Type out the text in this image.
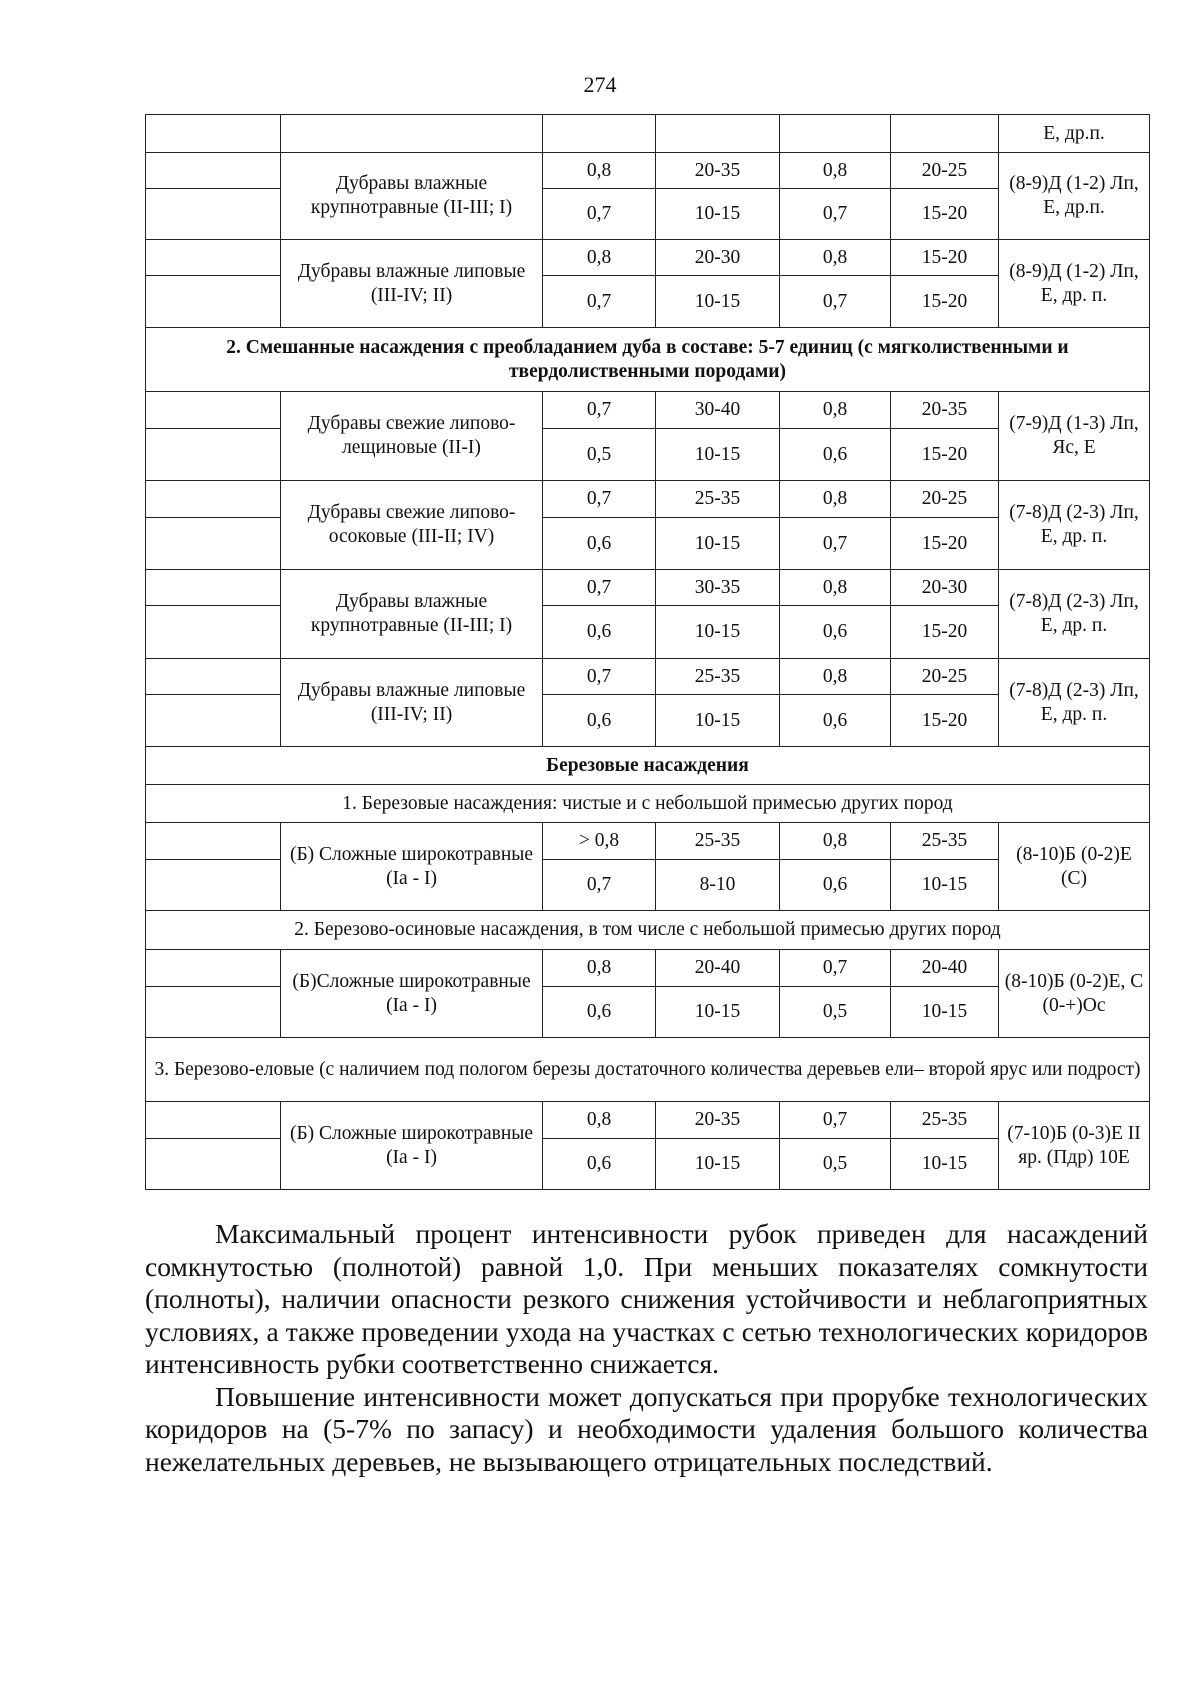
274
						Е, др.п.
	Дубравы влажные крупнотравные (II-III; I)	0,8	20-35	0,8	20-25	(8-9)Д (1-2) Лп, Е, др.п.
		0,7	10-15	0,7	15-20	
	Дубравы влажные липовые (III-IV; II)	0,8	20-30	0,8	15-20	(8-9)Д (1-2) Лп, Е, др. п.
		0,7	10-15	0,7	15-20	
2. Смешанные насаждения с преобладанием дуба в составе: 5-7 единиц (с мягколиственными и твердолиственными породами)						
	Дубравы свежие липово-лещиновые (II-I)	0,7	30-40	0,8	20-35	(7-9)Д (1-3) Лп, Яс, Е
		0,5	10-15	0,6	15-20	
	Дубравы свежие липово-осоковые (III-II; IV)	0,7	25-35	0,8	20-25	(7-8)Д (2-3) Лп, Е, др. п.
		0,6	10-15	0,7	15-20	
	Дубравы влажные крупнотравные (II-III; I)	0,7	30-35	0,8	20-30	(7-8)Д (2-3) Лп, Е, др. п.
		0,6	10-15	0,6	15-20	
	Дубравы влажные липовые (III-IV; II)	0,7	25-35	0,8	20-25	(7-8)Д (2-3) Лп, Е, др. п.
		0,6	10-15	0,6	15-20	
Березовые насаждения						
1. Березовые насаждения: чистые и с небольшой примесью других пород						
	(Б) Сложные широкотравные (Iа - I)	> 0,8	25-35	0,8	25-35	(8-10)Б (0-2)Е (С)
		0,7	8-10	0,6	10-15	
2. Березово-осиновые насаждения, в том числе с небольшой примесью других пород						
	(Б)Сложные широкотравные (Iа - I)	0,8	20-40	0,7	20-40	(8-10)Б (0-2)Е, С (0-+)Ос
		0,6	10-15	0,5	10-15	
3. Березово-еловые (с наличием под пологом березы достаточного количества деревьев ели– второй ярус или подрост)						
	(Б) Сложные широкотравные (Iа - I)	0,8	20-35	0,7	25-35	(7-10)Б (0-3)Е II яр. (Пдр) 10Е
		0,6	10-15	0,5	10-15	

Максимальный процент интенсивности рубок приведен для насаждений сомкнутостью (полнотой) равной 1,0. При меньших показателях сомкнутости (полноты), наличии опасности резкого снижения устойчивости и неблагоприятных условиях, а также проведении ухода на участках с сетью технологических коридоров интенсивность рубки соответственно снижается.

Повышение интенсивности может допускаться при прорубке технологических коридоров на (5-7% по запасу) и необходимости удаления большого количества нежелательных деревьев, не вызывающего отрицательных последствий.
